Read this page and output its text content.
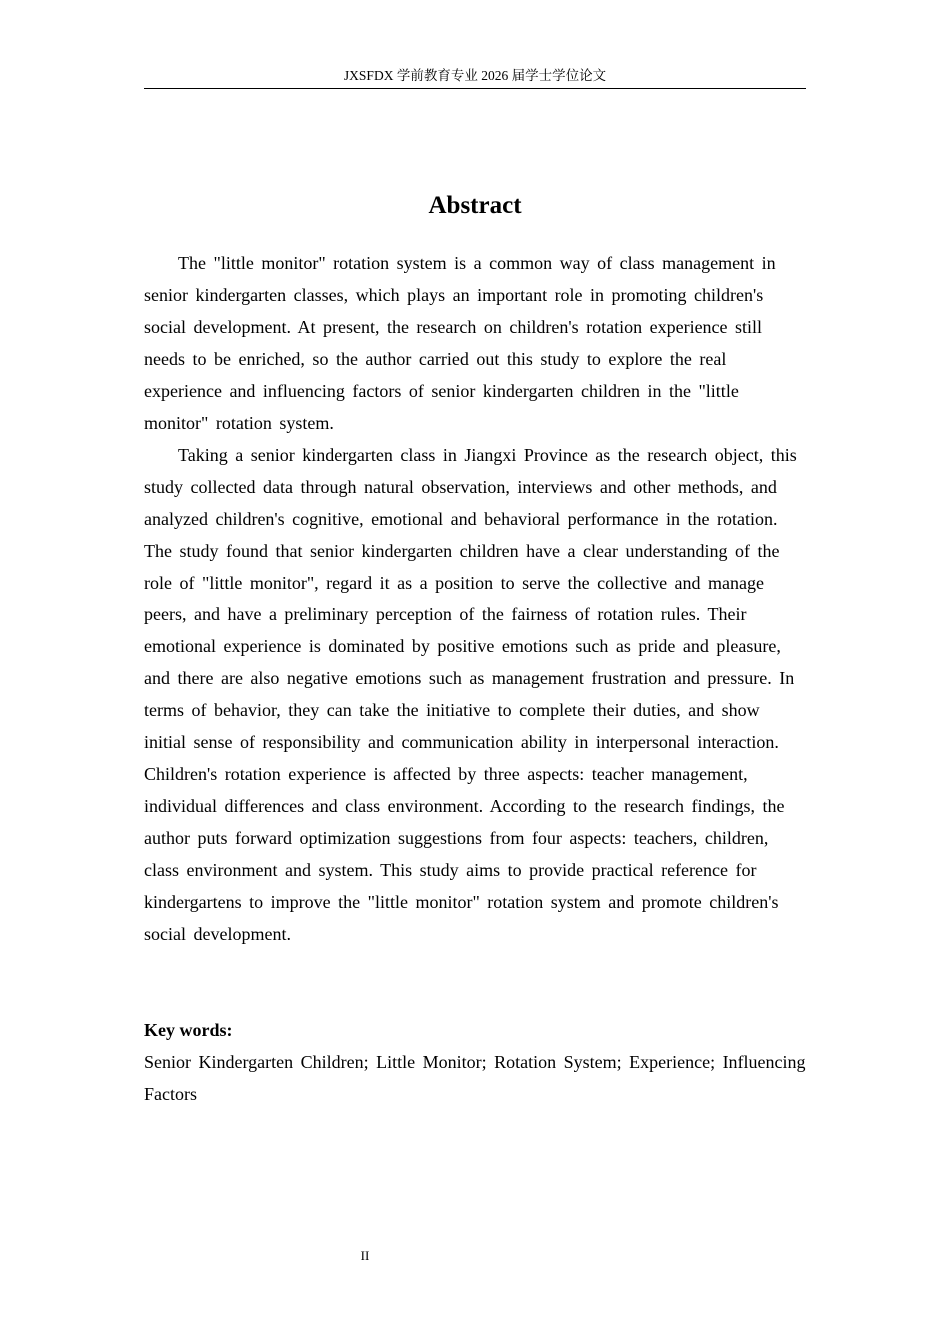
JXSFDX 学前教育专业 2026 届学士学位论文
Abstract

The "little monitor" rotation system is a common way of class management in senior kindergarten classes, which plays an important role in promoting children's social development. At present, the research on children's rotation experience still needs to be enriched, so the author carried out this study to explore the real experience and influencing factors of senior kindergarten children in the "little monitor" rotation system.

Taking a senior kindergarten class in Jiangxi Province as the research object, this study collected data through natural observation, interviews and other methods, and analyzed children's cognitive, emotional and behavioral performance in the rotation. The study found that senior kindergarten children have a clear understanding of the role of "little monitor", regard it as a position to serve the collective and manage peers, and have a preliminary perception of the fairness of rotation rules. Their emotional experience is dominated by positive emotions such as pride and pleasure, and there are also negative emotions such as management frustration and pressure. In terms of behavior, they can take the initiative to complete their duties, and show initial sense of responsibility and communication ability in interpersonal interaction. Children's rotation experience is affected by three aspects: teacher management, individual differences and class environment. According to the research findings, the author puts forward optimization suggestions from four aspects: teachers, children, class environment and system. This study aims to provide practical reference for kindergartens to improve the "little monitor" rotation system and promote children's social development.

Key words:
Senior Kindergarten Children; Little Monitor; Rotation System; Experience; Influencing Factors
II
